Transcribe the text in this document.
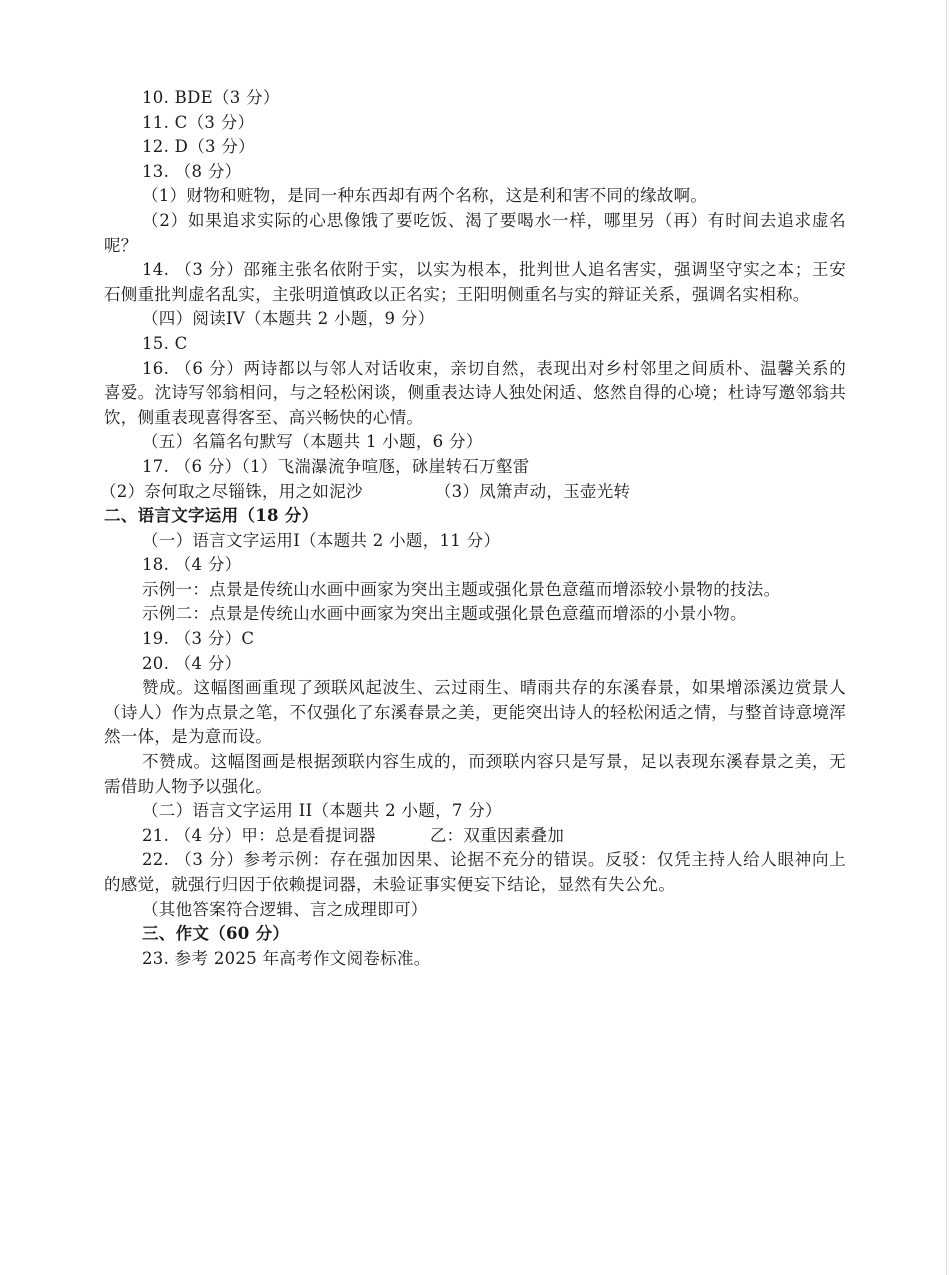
10. BDE（3 分）
11. C（3 分）
12. D（3 分）
13. （8 分）
（1）财物和赃物，是同一种东西却有两个名称，这是利和害不同的缘故啊。
（2）如果追求实际的心思像饿了要吃饭、渴了要喝水一样，哪里另（再）有时间去追求虚名呢？
14. （3 分）邵雍主张名依附于实，以实为根本，批判世人追名害实，强调坚守实之本；王安石侧重批判虚名乱实，主张明道慎政以正名实；王阳明侧重名与实的辩证关系，强调名实相称。
（四）阅读IV（本题共 2 小题，9 分）
15. C
16. （6 分）两诗都以与邻人对话收束，亲切自然，表现出对乡村邻里之间质朴、温馨关系的喜爱。沈诗写邻翁相问，与之轻松闲谈，侧重表达诗人独处闲适、悠然自得的心境；杜诗写邀邻翁共饮，侧重表现喜得客至、高兴畅快的心情。
（五）名篇名句默写（本题共 1 小题，6 分）
17. （6 分）（1）飞湍瀑流争喧豗，砯崖转石万壑雷
（2）奈何取之尽锱铢，用之如泥沙	（3）凤箫声动，玉壶光转
二、语言文字运用（18 分）
（一）语言文字运用I（本题共 2 小题，11 分）
18. （4 分）
示例一：点景是传统山水画中画家为突出主题或强化景色意蕴而增添较小景物的技法。
示例二：点景是传统山水画中画家为突出主题或强化景色意蕴而增添的小景小物。
19. （3 分）C
20. （4 分）
赞成。这幅图画重现了颈联风起波生、云过雨生、晴雨共存的东溪春景，如果增添溪边赏景人（诗人）作为点景之笔，不仅强化了东溪春景之美，更能突出诗人的轻松闲适之情，与整首诗意境浑然一体，是为意而设。
不赞成。这幅图画是根据颈联内容生成的，而颈联内容只是写景，足以表现东溪春景之美，无需借助人物予以强化。
（二）语言文字运用 II（本题共 2 小题，7 分）
21. （4 分）甲：总是看提词器	乙：双重因素叠加
22. （3 分）参考示例：存在强加因果、论据不充分的错误。反驳：仅凭主持人给人眼神向上的感觉，就强行归因于依赖提词器，未验证事实便妄下结论，显然有失公允。
（其他答案符合逻辑、言之成理即可）
三、作文（60 分）
23. 参考 2025 年高考作文阅卷标准。
